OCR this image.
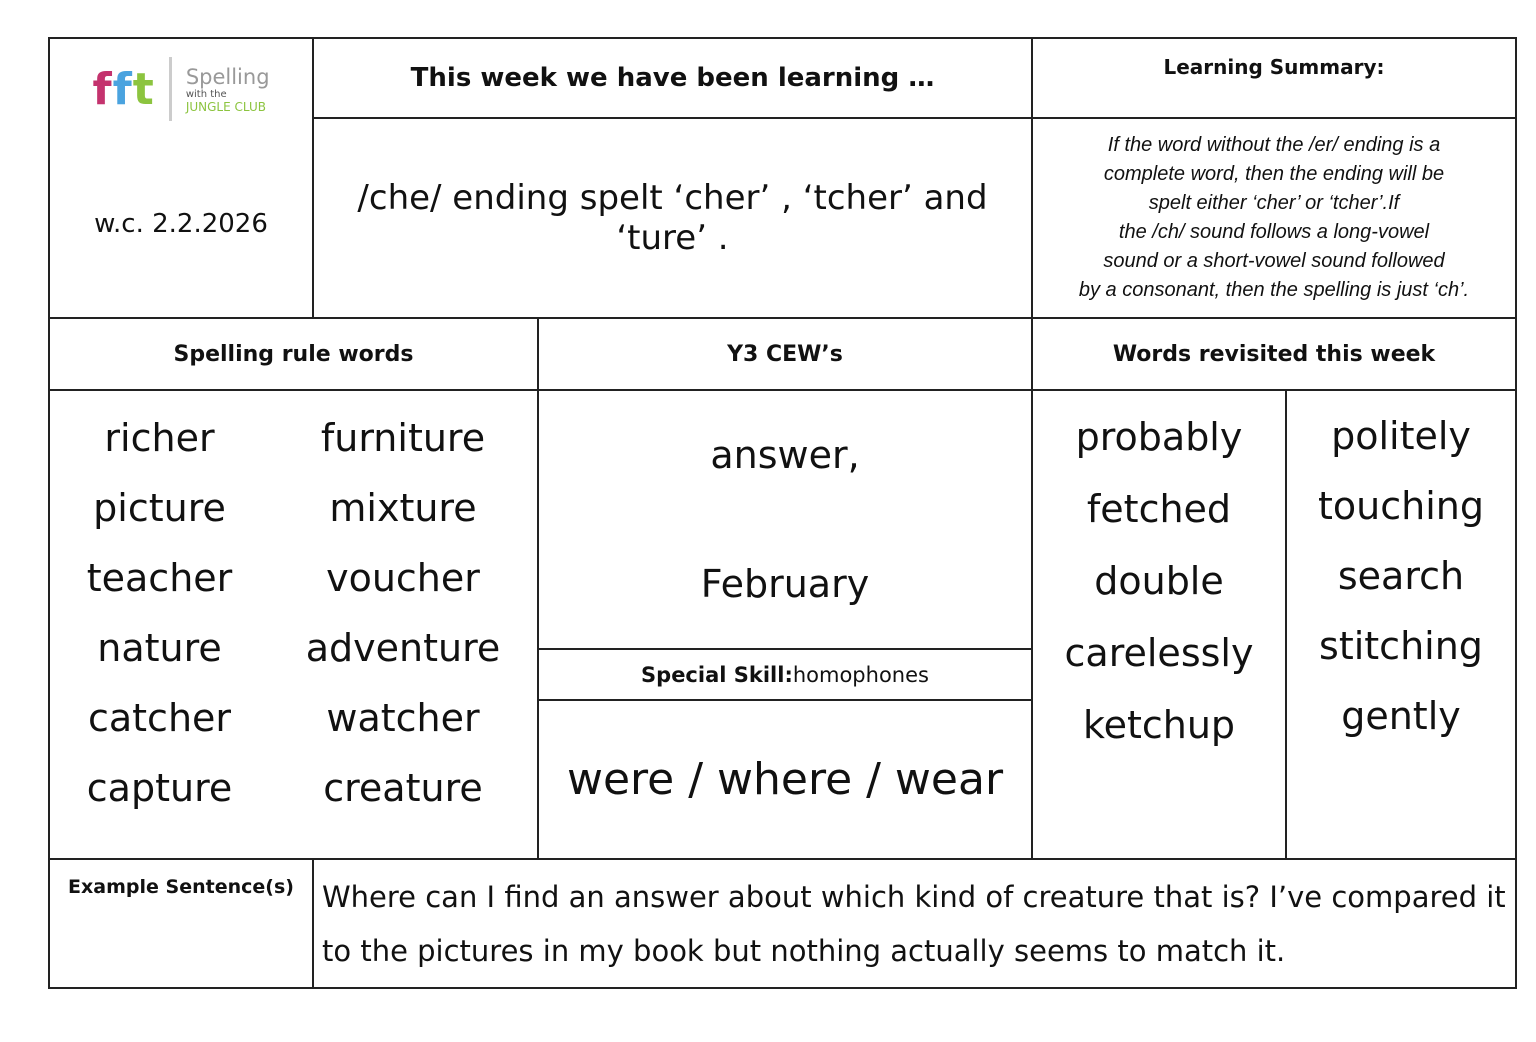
fft Spelling
with the
JUNGLE CLUB
w.c. 2.2.2026
This week we have been learning …
/che/ ending spelt ‘cher’ , ‘tcher’ and ‘ture’ .
Learning Summary:
If the word without the /er/ ending is a
complete word, then the ending will be
spelt either ‘cher’ or ‘tcher’.If
the /ch/ sound follows a long-vowel
sound or a short-vowel sound followed
by a consonant, then the spelling is just ‘ch’.
Spelling rule words	Y3 CEW’s	Words revisited this week
richer
picture
teacher
nature
catcher
capture
furniture
mixture
voucher
adventure
watcher
creature
answer,
February
Special Skill: homophones
were / where / wear
probably
fetched
double
carelessly
ketchup
politely
touching
search
stitching
gently
Example Sentence(s) Where can I find an answer about which kind of creature that is? I’ve compared it to the pictures in my book but nothing actually seems to match it.
